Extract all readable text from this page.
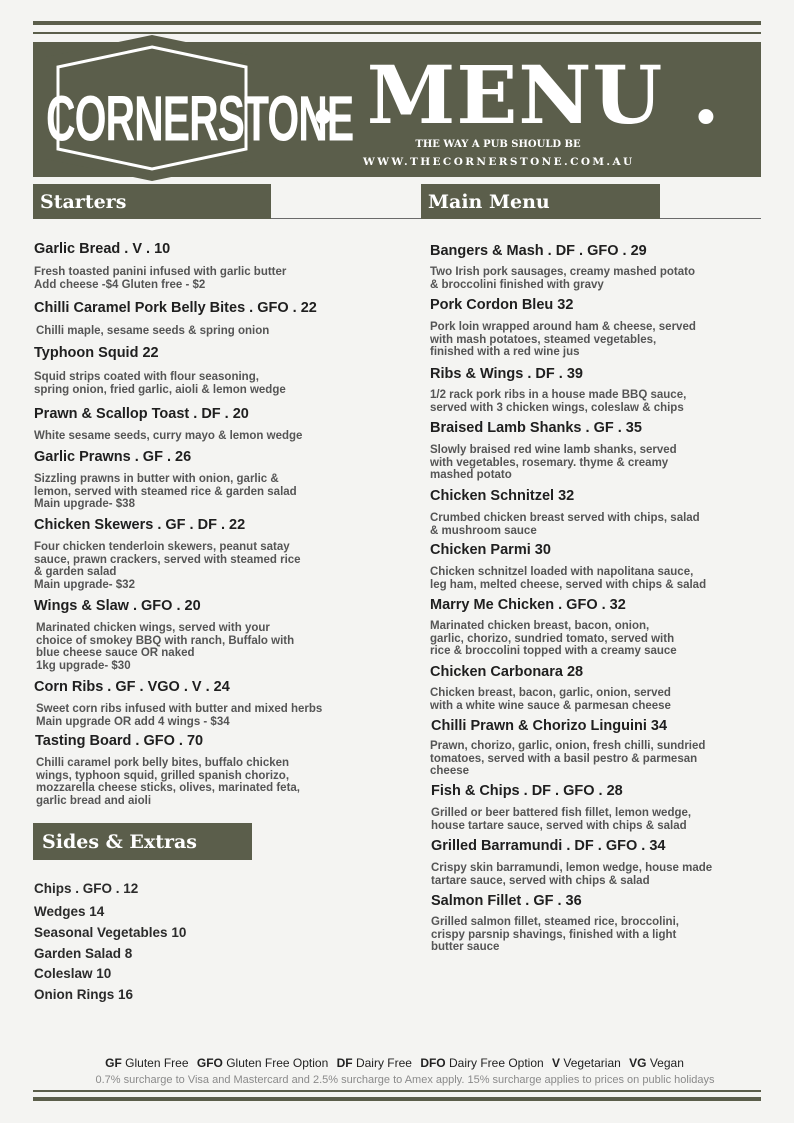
CORNERSTONE
. MENU .
THE WAY A PUB SHOULD BE
WWW.THECORNERSTONE.COM.AU
Starters	Main Menu
Sides & Extras
Garlic Bread . V . 10
Fresh toasted panini infused with garlic butter
Add cheese -$4 Gluten free - $2
Chilli Caramel Pork Belly Bites . GFO . 22
Chilli maple, sesame seeds & spring onion
Typhoon Squid 22
Squid strips coated with flour seasoning,
spring onion, fried garlic, aioli & lemon wedge
Prawn & Scallop Toast . DF . 20
White sesame seeds, curry mayo & lemon wedge
Garlic Prawns . GF . 26
Sizzling prawns in butter with onion, garlic &
lemon, served with steamed rice & garden salad
Main upgrade- $38
Chicken Skewers . GF . DF . 22
Four chicken tenderloin skewers, peanut satay
sauce, prawn crackers, served with steamed rice
& garden salad
Main upgrade- $32
Wings & Slaw . GFO . 20
Marinated chicken wings, served with your
choice of smokey BBQ with ranch, Buffalo with
blue cheese sauce OR naked
1kg upgrade- $30
Corn Ribs . GF . VGO . V . 24
Sweet corn ribs infused with butter and mixed herbs
Main upgrade OR add 4 wings - $34
Tasting Board . GFO . 70
Chilli caramel pork belly bites, buffalo chicken
wings, typhoon squid, grilled spanish chorizo,
mozzarella cheese sticks, olives, marinated feta,
garlic bread and aioli
Bangers & Mash . DF . GFO . 29
Two Irish pork sausages, creamy mashed potato
& broccolini finished with gravy
Pork Cordon Bleu 32
Pork loin wrapped around ham & cheese, served
with mash potatoes, steamed vegetables,
finished with a red wine jus
Ribs & Wings . DF . 39
1/2 rack pork ribs in a house made BBQ sauce,
served with 3 chicken wings, coleslaw & chips
Braised Lamb Shanks . GF . 35
Slowly braised red wine lamb shanks, served
with vegetables, rosemary. thyme & creamy
mashed potato
Chicken Schnitzel 32
Crumbed chicken breast served with chips, salad
& mushroom sauce
Chicken Parmi 30
Chicken schnitzel loaded with napolitana sauce,
leg ham, melted cheese, served with chips & salad
Marry Me Chicken . GFO . 32
Marinated chicken breast, bacon, onion,
garlic, chorizo, sundried tomato, served with
rice & broccolini topped with a creamy sauce
Chicken Carbonara 28
Chicken breast, bacon, garlic, onion, served
with a white wine sauce & parmesan cheese
Chilli Prawn & Chorizo Linguini 34
Prawn, chorizo, garlic, onion, fresh chilli, sundried
tomatoes, served with a basil pestro & parmesan
cheese
Fish & Chips . DF . GFO . 28
Grilled or beer battered fish fillet, lemon wedge,
house tartare sauce, served with chips & salad
Grilled Barramundi . DF . GFO . 34
Crispy skin barramundi, lemon wedge, house made
tartare sauce, served with chips & salad
Salmon Fillet . GF . 36
Grilled salmon fillet, steamed rice, broccolini,
crispy parsnip shavings, finished with a light
butter sauce
Chips . GFO . 12
Wedges 14
Seasonal Vegetables 10
Garden Salad 8
Coleslaw 10
Onion Rings 16
GF Gluten Free GFO Gluten Free Option DF Dairy Free DFO Dairy Free Option V Vegetarian VG Vegan
0.7% surcharge to Visa and Mastercard and 2.5% surcharge to Amex apply. 15% surcharge applies to prices on public holidays
